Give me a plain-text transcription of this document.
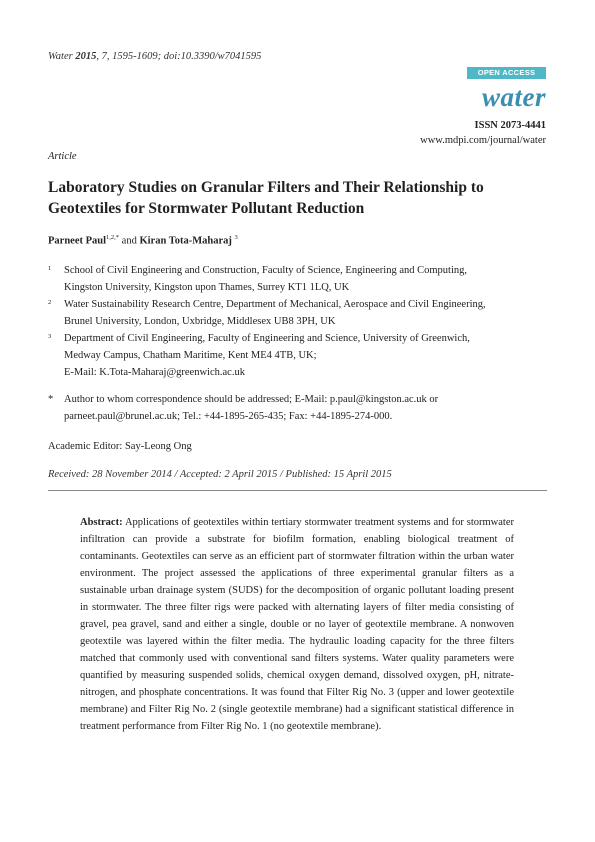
Water 2015, 7, 1595-1609; doi:10.3390/w7041595
OPEN ACCESS
water
ISSN 2073-4441
www.mdpi.com/journal/water
Article
Laboratory Studies on Granular Filters and Their Relationship to Geotextiles for Stormwater Pollutant Reduction
Parneet Paul$^{1,2,*}$ and Kiran Tota-Maharaj $^3$
1 School of Civil Engineering and Construction, Faculty of Science, Engineering and Computing,
Kingston University, Kingston upon Thames, Surrey KT1 1LQ, UK
2 Water Sustainability Research Centre, Department of Mechanical, Aerospace and Civil Engineering,
Brunel University, London, Uxbridge, Middlesex UB8 3PH, UK
3 Department of Civil Engineering, Faculty of Engineering and Science, University of Greenwich,
Medway Campus, Chatham Maritime, Kent ME4 4TB, UK;
E-Mail: K.Tota-Maharaj@greenwich.ac.uk
* Author to whom correspondence should be addressed; E-Mail: p.paul@kingston.ac.uk or
parneet.paul@brunel.ac.uk; Tel.: +44-1895-265-435; Fax: +44-1895-274-000.
Academic Editor: Say-Leong Ong
Received: 28 November 2014 / Accepted: 2 April 2015 / Published: 15 April 2015
Abstract: Applications of geotextiles within tertiary stormwater treatment systems and for stormwater infiltration can provide a substrate for biofilm formation, enabling biological treatment of contaminants. Geotextiles can serve as an efficient part of stormwater filtration within the urban water environment. The project assessed the applications of three experimental granular filters as a sustainable urban drainage system (SUDS) for the decomposition of organic pollutant loading present in stormwater. The three filter rigs were packed with alternating layers of filter media consisting of gravel, pea gravel, sand and either a single, double or no layer of geotextile membrane. A nonwoven geotextile was layered within the filter media. The hydraulic loading capacity for the three filters matched that commonly used with conventional sand filters systems. Water quality parameters were quantified by measuring suspended solids, chemical oxygen demand, dissolved oxygen, pH, nitrate-nitrogen, and phosphate concentrations. It was found that Filter Rig No. 3 (upper and lower geotextile membrane) and Filter Rig No. 2 (single geotextile membrane) had a significant statistical difference in treatment performance from Filter Rig No. 1 (no geotextile membrane).
